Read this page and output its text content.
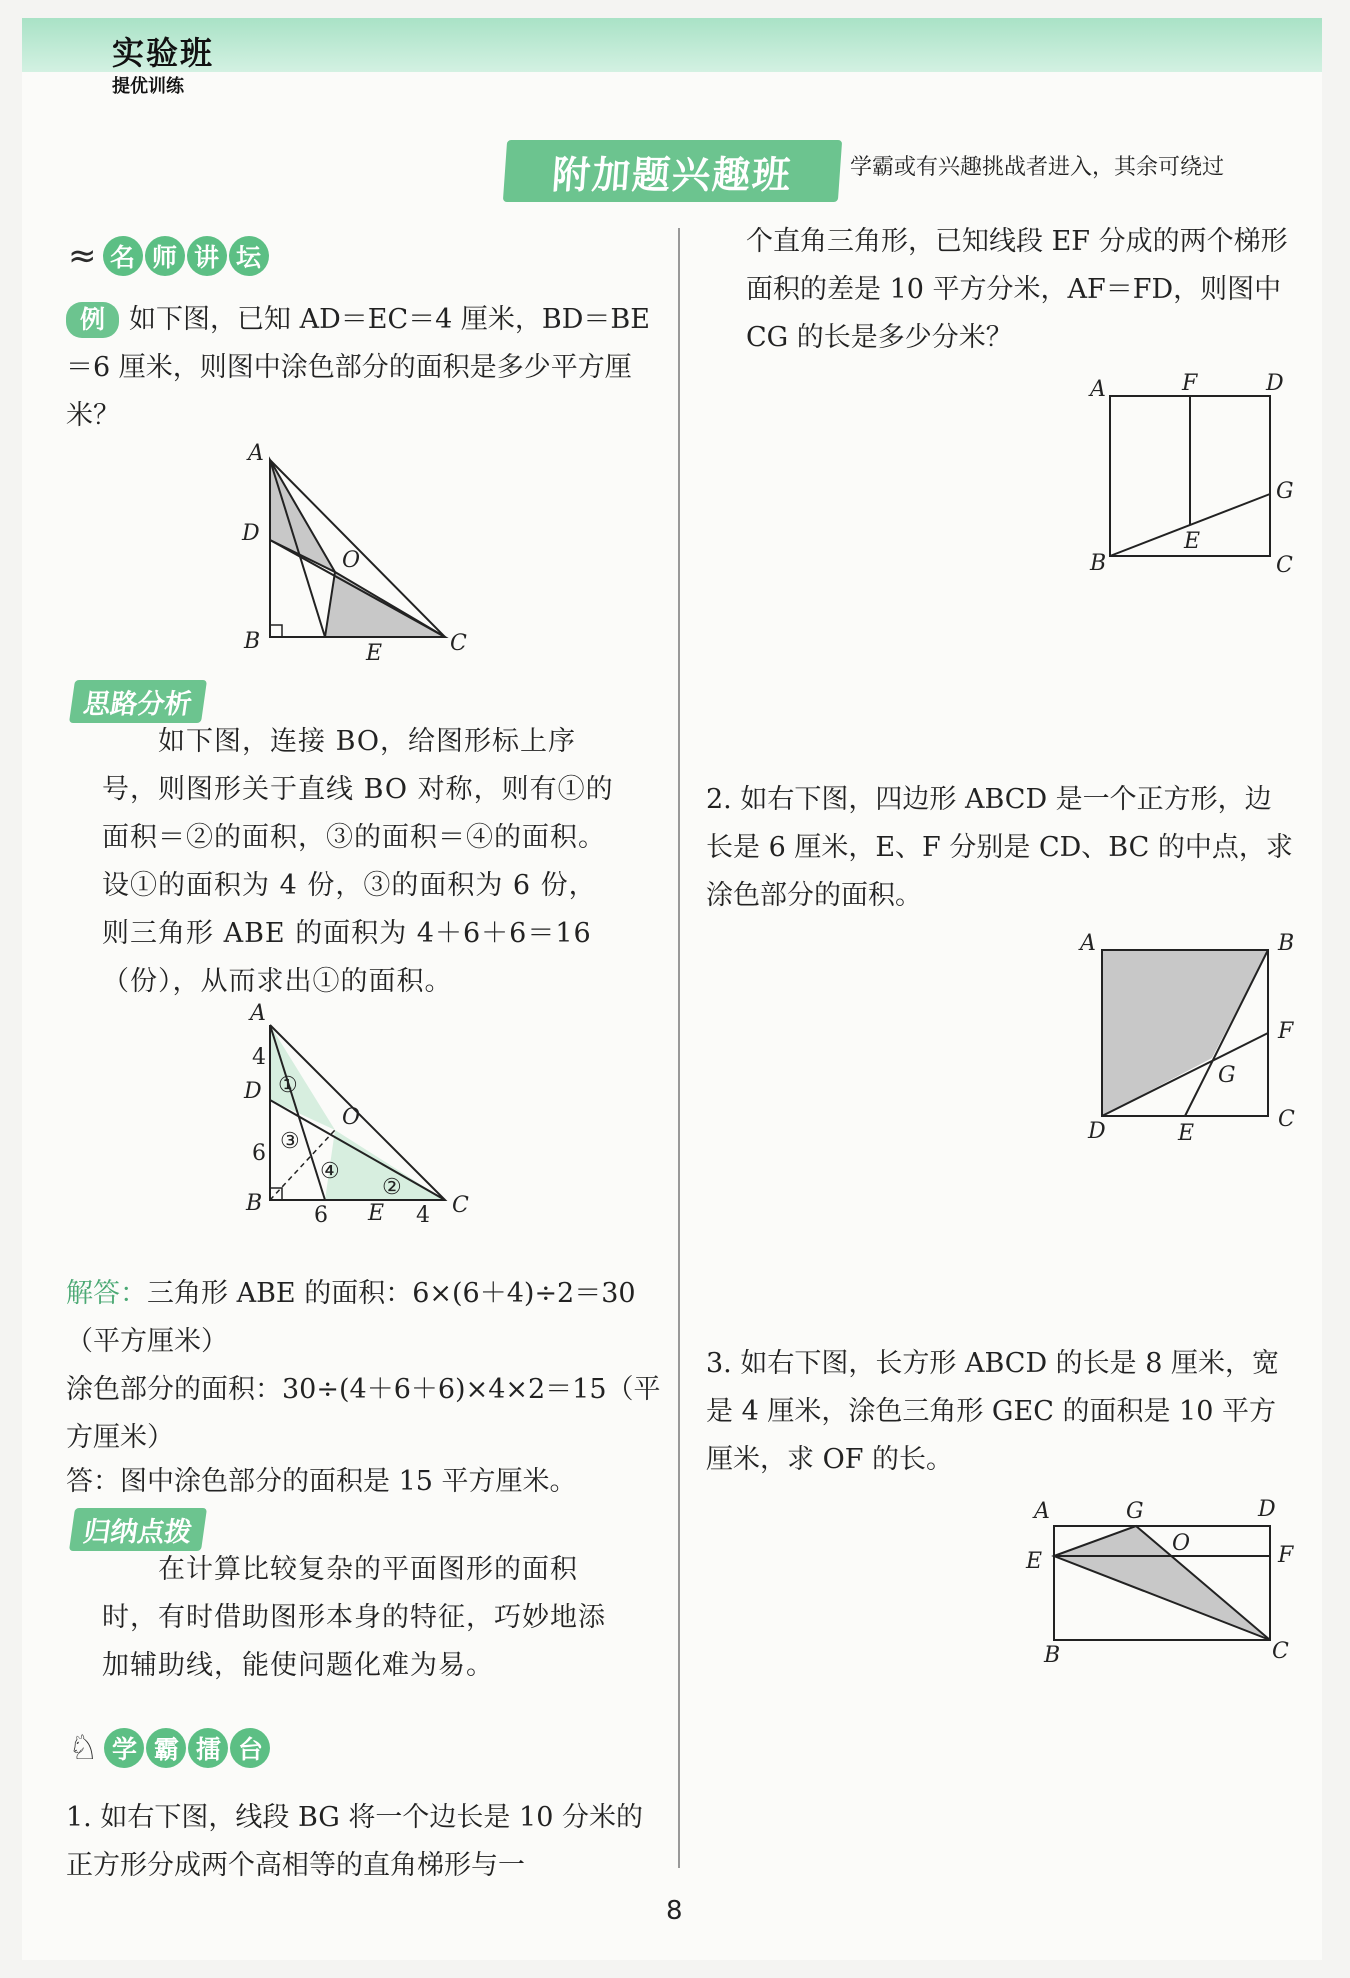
实验班
提优训练
附加题兴趣班	学霸或有兴趣挑战者进入，其余可绕过
≈ 名 师 讲 坛
例 如下图，已知 AD＝EC＝4 厘米，BD＝BE＝6 厘米，则图中涂色部分的面积是多少平方厘米？
A
D
O
B	E	C
思路分析
如下图，连接 BO，给图形标上序号，则图形关于直线 BO 对称，则有①的面积＝②的面积，③的面积＝④的面积。设①的面积为 4 份，③的面积为 6 份，则三角形 ABE 的面积为 4＋6＋6＝16（份），从而求出①的面积。
A
D
O
B	E	C
4
6
6	4
①
③
④
②
解答：三角形 ABE 的面积：6×(6＋4)÷2＝30（平方厘米）
涂色部分的面积：30÷(4＋6＋6)×4×2＝15（平方厘米）
答：图中涂色部分的面积是 15 平方厘米。
归纳点拨
在计算比较复杂的平面图形的面积时，有时借助图形本身的特征，巧妙地添加辅助线，能使问题化难为易。
♘ 学 霸 擂 台
1. 如右下图，线段 BG 将一个边长是 10 分米的正方形分成两个高相等的直角梯形与一
个直角三角形，已知线段 EF 分成的两个梯形面积的差是 10 平方分米，AF＝FD，则图中 CG 的长是多少分米？
A	F	D
G
E
B	C
2. 如右下图，四边形 ABCD 是一个正方形，边长是 6 厘米，E、F 分别是 CD、BC 的中点，求涂色部分的面积。
A	B
F
G
D	E
C
3. 如右下图，长方形 ABCD 的长是 8 厘米，宽是 4 厘米，涂色三角形 GEC 的面积是 10 平方厘米，求 OF 的长。
A	G	D
O
E	F
B	C
8
